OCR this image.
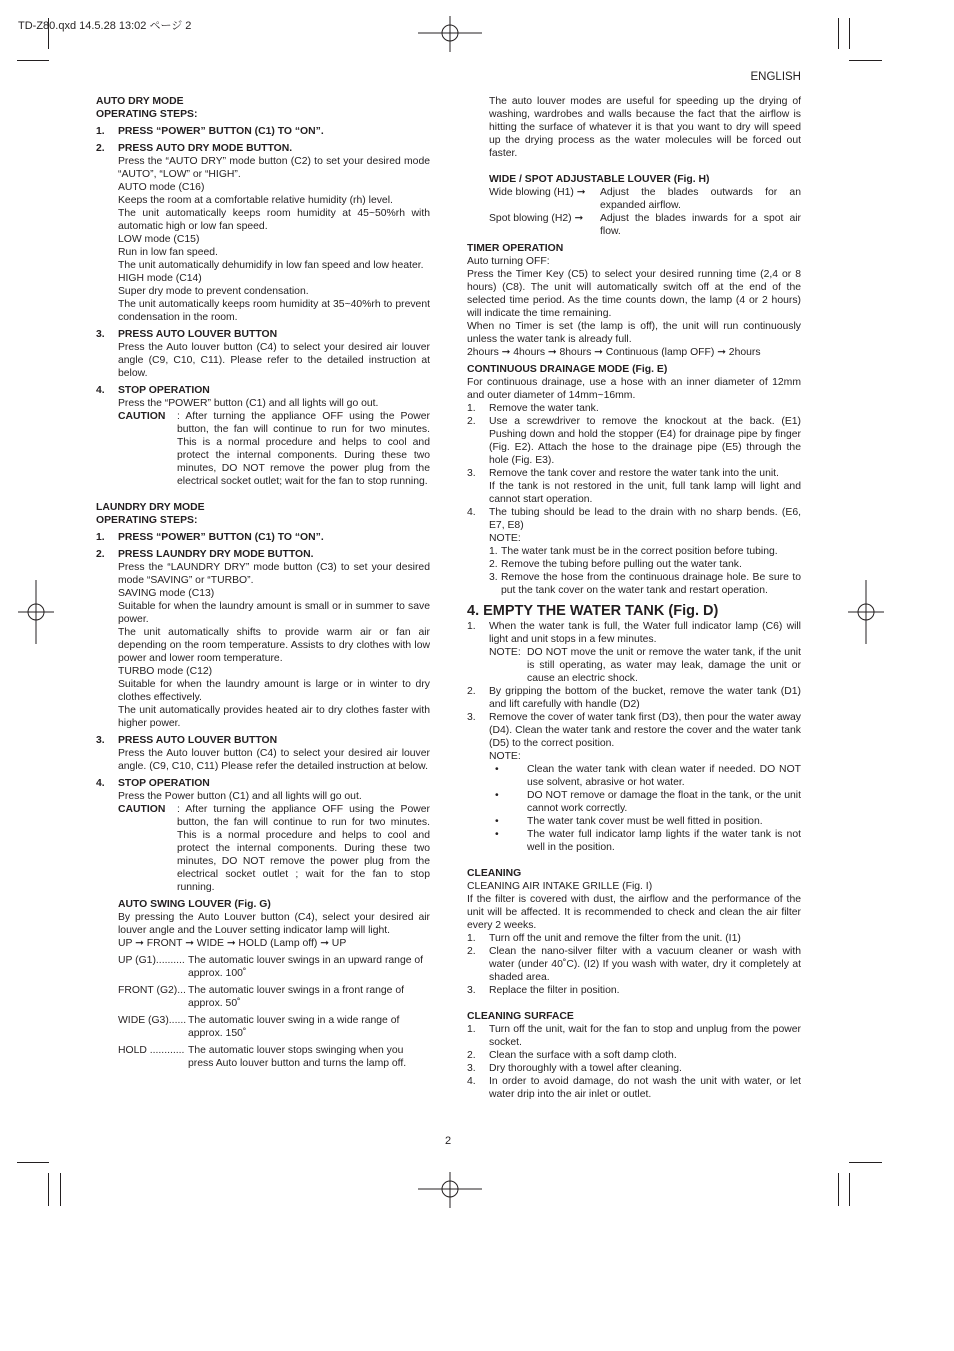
TD-Z80.qxd 14.5.28 13:02 ページ 2
ENGLISH
2
AUTO DRY MODE
OPERATING STEPS:
1. PRESS “POWER” BUTTON (C1) TO “ON”.
2. PRESS AUTO DRY MODE BUTTON.
Press the “AUTO DRY” mode button (C2) to set your desired mode “AUTO”, “LOW” or “HIGH”.
AUTO mode (C16)
Keeps the room at a comfortable relative humidity (rh) level.
The unit automatically keeps room humidity at 45~50%rh with automatic high or low fan speed.
LOW mode (C15)
Run in low fan speed.
The unit automatically dehumidify in low fan speed and low heater.
HIGH mode (C14)
Super dry mode to prevent condensation.
The unit automatically keeps room humidity at 35~40%rh to prevent condensation in the room.
3. PRESS AUTO LOUVER BUTTON
Press the Auto louver button (C4) to select your desired air louver angle (C9, C10, C11). Please refer to the detailed instruction at below.
4. STOP OPERATION
Press the “POWER” button (C1) and all lights will go out.
CAUTION	: After turning the appliance OFF using the Power button, the fan will continue to run for two minutes. This is a normal procedure and helps to cool and protect the internal components. During these two minutes, DO NOT remove the power plug from the electrical socket outlet; wait for the fan to stop running.
LAUNDRY DRY MODE
OPERATING STEPS:
1. PRESS “POWER” BUTTON (C1) TO “ON”.
2. PRESS LAUNDRY DRY MODE BUTTON.
Press the “LAUNDRY DRY” mode button (C3) to set your desired mode “SAVING” or “TURBO”.
SAVING mode (C13)
Suitable for when the laundry amount is small or in summer to save power.
The unit automatically shifts to provide warm air or fan air depending on the room temperature. Assists to dry clothes with low power and lower room temperature.
TURBO mode (C12)
Suitable for when the laundry amount is large or in winter to dry clothes effectively.
The unit automatically provides heated air to dry clothes faster with higher power.
3. PRESS AUTO LOUVER BUTTON
Press the Auto louver button (C4) to select your desired air louver angle. (C9, C10, C11) Please refer the detailed instruction at below.
4. STOP OPERATION
Press the Power button (C1) and all lights will go out.
CAUTION	: After turning the appliance OFF using the Power button, the fan will continue to run for two minutes. This is a normal procedure and helps to cool and protect the internal components. During these two minutes, DO NOT remove the power plug from the electrical socket outlet ; wait for the fan to stop running.
AUTO SWING LOUVER (Fig. G)
By pressing the Auto Louver button (C4), select your desired air louver angle and the Louver setting indicator lamp will light.
UP ➞ FRONT ➞ WIDE ➞ HOLD (Lamp off) ➞ UP
UP (G1).......... The automatic louver swings in an upward range of approx. 100˚
FRONT (G2)... The automatic louver swings in a front range of approx. 50˚
WIDE (G3)...... The automatic louver swing in a wide range of approx. 150˚
HOLD ............ The automatic louver stops swinging when you press Auto louver button and turns the lamp off.
The auto louver modes are useful for speeding up the drying of washing, wardrobes and walls because the fact that the airflow is hitting the surface of whatever it is that you want to dry will speed up the drying process as the water molecules will be forced out faster.
WIDE / SPOT ADJUSTABLE LOUVER (Fig. H)
Wide blowing (H1) ➞	Adjust the blades outwards for an expanded airflow.
Spot blowing (H2) ➞	Adjust the blades inwards for a spot air flow.
TIMER OPERATION
Auto turning OFF:
Press the Timer Key (C5) to select your desired running time (2,4 or 8 hours) (C8). The unit will automatically switch off at the end of the selected time period. As the time counts down, the lamp (4 or 2 hours) will indicate the time remaining.
When no Timer is set (the lamp is off), the unit will run continuously unless the water tank is already full.
2hours ➞ 4hours ➞ 8hours ➞ Continuous (lamp OFF) ➞ 2hours
CONTINUOUS DRAINAGE MODE (Fig. E)
For continuous drainage, use a hose with an inner diameter of 12mm and outer diameter of 14mm~16mm.
1. Remove the water tank.
2. Use a screwdriver to remove the knockout at the back. (E1) Pushing down and hold the stopper (E4) for drainage pipe by finger (Fig. E2). Attach the hose to the drainage pipe (E5) through the hole (Fig. E3).
3. Remove the tank cover and restore the water tank into the unit.
If the tank is not restored in the unit, full tank lamp will light and cannot start operation.
4. The tubing should be lead to the drain with no sharp bends. (E6, E7, E8)
NOTE:
1. The water tank must be in the correct position before tubing.
2. Remove the tubing before pulling out the water tank.
3. Remove the hose from the continuous drainage hole. Be sure to put the tank cover on the water tank and restart operation.
4. EMPTY THE WATER TANK (Fig. D)
1. When the water tank is full, the Water full indicator lamp (C6) will light and unit stops in a few minutes.
NOTE: DO NOT move the unit or remove the water tank, if the unit is still operating, as water may leak, damage the unit or cause an electric shock.
2. By gripping the bottom of the bucket, remove the water tank (D1) and lift carefully with handle (D2)
3. Remove the cover of water tank first (D3), then pour the water away (D4). Clean the water tank and restore the cover and the water tank (D5) to the correct position.
NOTE:
•	Clean the water tank with clean water if needed. DO NOT use solvent, abrasive or hot water.
•	DO NOT remove or damage the float in the tank, or the unit cannot work correctly.
•	The water tank cover must be well fitted in position.
•	The water full indicator lamp lights if the water tank is not well in the position.
CLEANING
CLEANING AIR INTAKE GRILLE (Fig. I)
If the filter is covered with dust, the airflow and the performance of the unit will be affected. It is recommended to check and clean the air filter every 2 weeks.
1. Turn off the unit and remove the filter from the unit. (I1)
2. Clean the nano-silver filter with a vacuum cleaner or wash with water (under 40˚C). (I2) If you wash with water, dry it completely at shaded area.
3. Replace the filter in position.
CLEANING SURFACE
1. Turn off the unit, wait for the fan to stop and unplug from the power socket.
2. Clean the surface with a soft damp cloth.
3. Dry thoroughly with a towel after cleaning.
4. In order to avoid damage, do not wash the unit with water, or let water drip into the air inlet or outlet.
